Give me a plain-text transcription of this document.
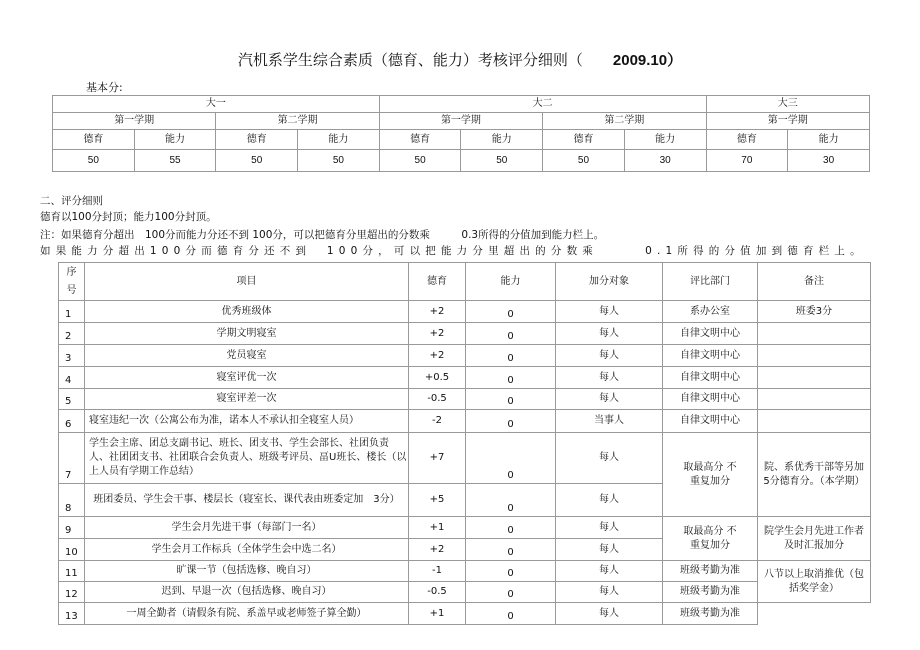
汽机系学生综合素质（德育、能力）考核评分细则（ 2009.10）
基本分:
大一				大二				大三	
第一学期		第二学期		第一学期		第二学期		第一学期	
德育	能力	德育	能力	德育	能力	德育	能力	德育	能力
50	55	50	50	50	50	50	30	70	30
二、评分细则
德育以100分封顶；能力100分封顶。
注：如果德育分超出　100分而能力分还不到 100分，可以把德育分里超出的分数乘　　　0.3所得的分值加到能力栏上。
如果能力分超出100分而德育分还不到　100分，可以把能力分里超出的分数乘　　　0.1所得的分值加到德育栏上。
序号	项目	德育	能力	加分对象	评比部门	备注
1	优秀班级体	+2	0	每人	系办公室	班委3分
2	学期文明寝室	+2	0	每人	自律文明中心	
3	党员寝室	+2	0	每人	自律文明中心	
4	寝室评优一次	+0.5	0	每人	自律文明中心	
5	寝室评差一次	-0.5	0	每人	自律文明中心	
6	寝室违纪一次（公寓公布为准，诺本人不承认扣全寝室人员）	-2	0	当事人	自律文明中心	
7	学生会主席、团总支副书记、班长、团支书、学生会部长、社团负责人、社团团支书、社团联合会负责人、班级考评员、畐U班长、楼长（以上人员有学期工作总结）	+7	0	每人	取最高分 不重复加分	院、系优秀干部等另加5分德育分。（本学期）
8	班团委员、学生会干事、楼层长（寝室长、课代表由班委定加　3分）	+5	0	每人		
9	学生会月先进干事（每部门一名）	+1	0	每人	取最高分 不重复加分	院学生会月先进工作者及时汇报加分
10	学生会月工作标兵（全体学生会中选二名）	+2	0	每人		
11	旷课一节（包括选修、晚自习）	-1	0	每人	班级考勤为准	八节以上取消推优（包括奖学金）
12	迟到、早退一次（包括选修、晚自习）	-0.5	0	每人	班级考勤为准	
13	一周全勤者（请假条有院、系盖早或老师签子算全勤）	+1	0	每人	班级考勤为准	
